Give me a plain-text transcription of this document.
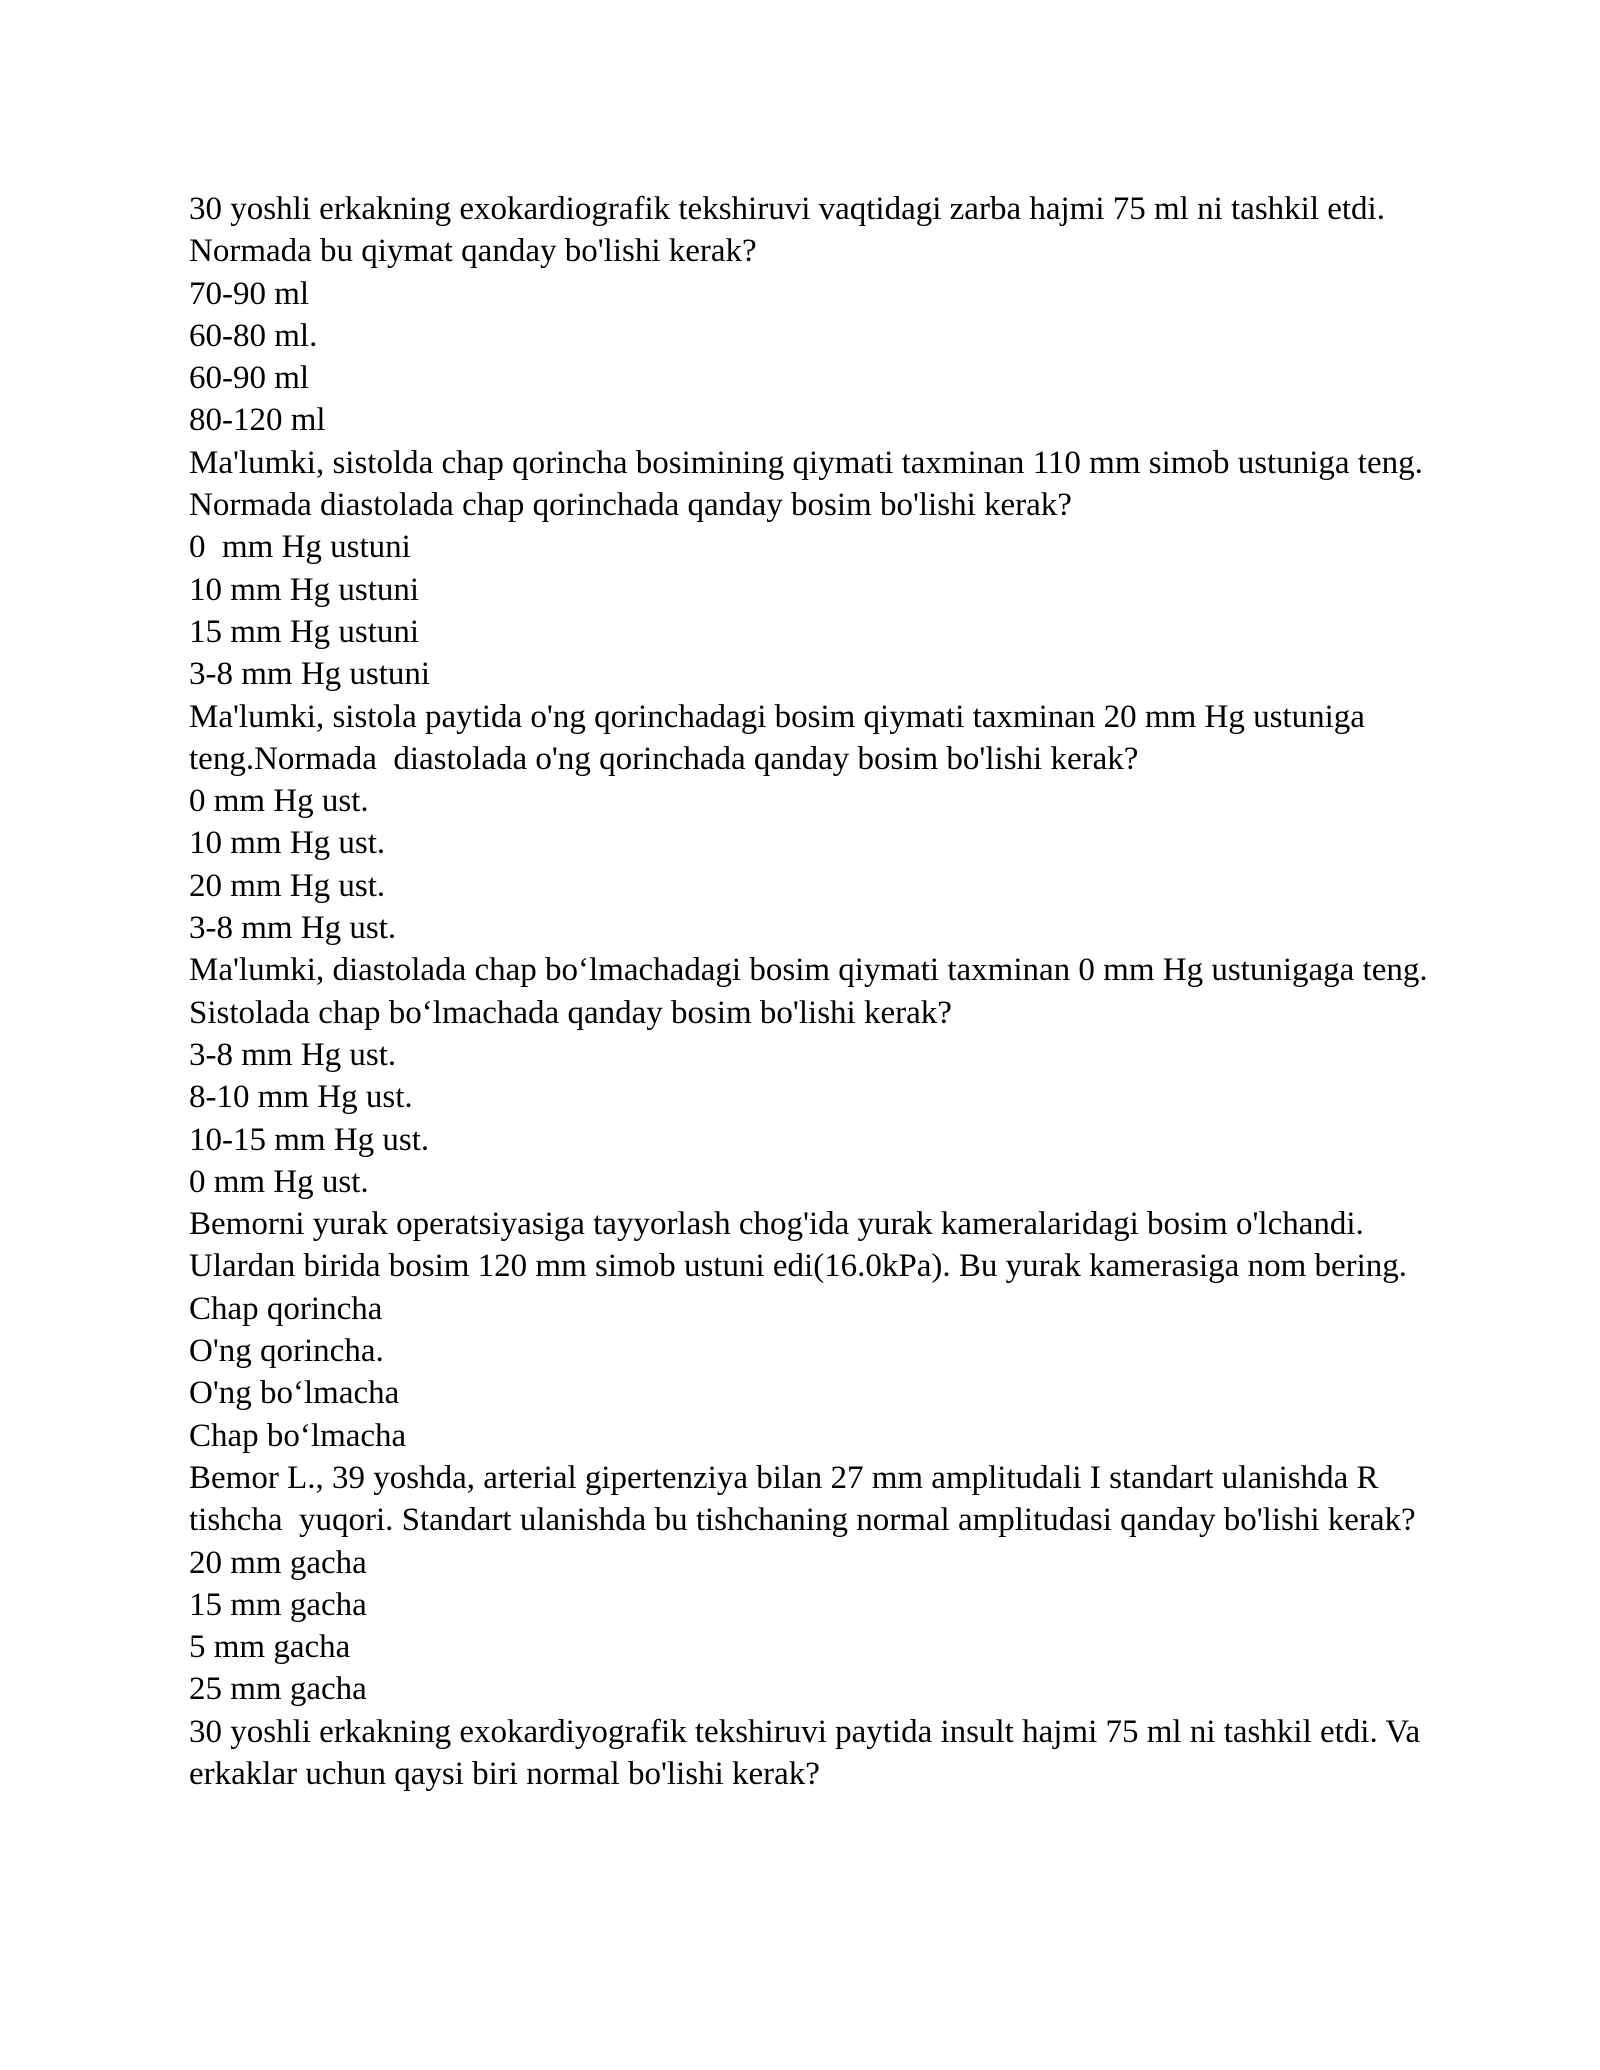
30 yoshli erkakning exokardiografik tekshiruvi vaqtidagi zarba hajmi 75 ml ni tashkil etdi. Normada bu qiymat qanday bo'lishi kerak?

70-90 ml

60-80 ml.

60-90 ml

80-120 ml

Ma'lumki, sistolda chap qorincha bosimining qiymati taxminan 110 mm simob ustuniga teng. Normada diastolada chap qorinchada qanday bosim bo'lishi kerak?

0  mm Hg ustuni

10 mm Hg ustuni

15 mm Hg ustuni

3-8 mm Hg ustuni

Ma'lumki, sistola paytida o'ng qorinchadagi bosim qiymati taxminan 20 mm Hg ustuniga teng.Normada  diastolada o'ng qorinchada qanday bosim bo'lishi kerak?

0 mm Hg ust.

10 mm Hg ust.

20 mm Hg ust.

3-8 mm Hg ust.

Ma'lumki, diastolada chap bo‘lmachadagi bosim qiymati taxminan 0 mm Hg ustunigaga teng. Sistolada chap bo‘lmachada qanday bosim bo'lishi kerak?

3-8 mm Hg ust.

8-10 mm Hg ust.

10-15 mm Hg ust.

0 mm Hg ust.

Bemorni yurak operatsiyasiga tayyorlash chog'ida yurak kameralaridagi bosim o'lchandi. Ulardan birida bosim 120 mm simob ustuni edi(16.0kPa). Bu yurak kamerasiga nom bering.

Chap qorincha

O'ng qorincha.

O'ng bo‘lmacha

Chap bo‘lmacha

Bemor L., 39 yoshda, arterial gipertenziya bilan 27 mm amplitudali I standart ulanishda R tishcha  yuqori. Standart ulanishda bu tishchaning normal amplitudasi qanday bo'lishi kerak?

20 mm gacha

15 mm gacha

5 mm gacha

25 mm gacha

30 yoshli erkakning exokardiyografik tekshiruvi paytida insult hajmi 75 ml ni tashkil etdi. Va erkaklar uchun qaysi biri normal bo'lishi kerak?
